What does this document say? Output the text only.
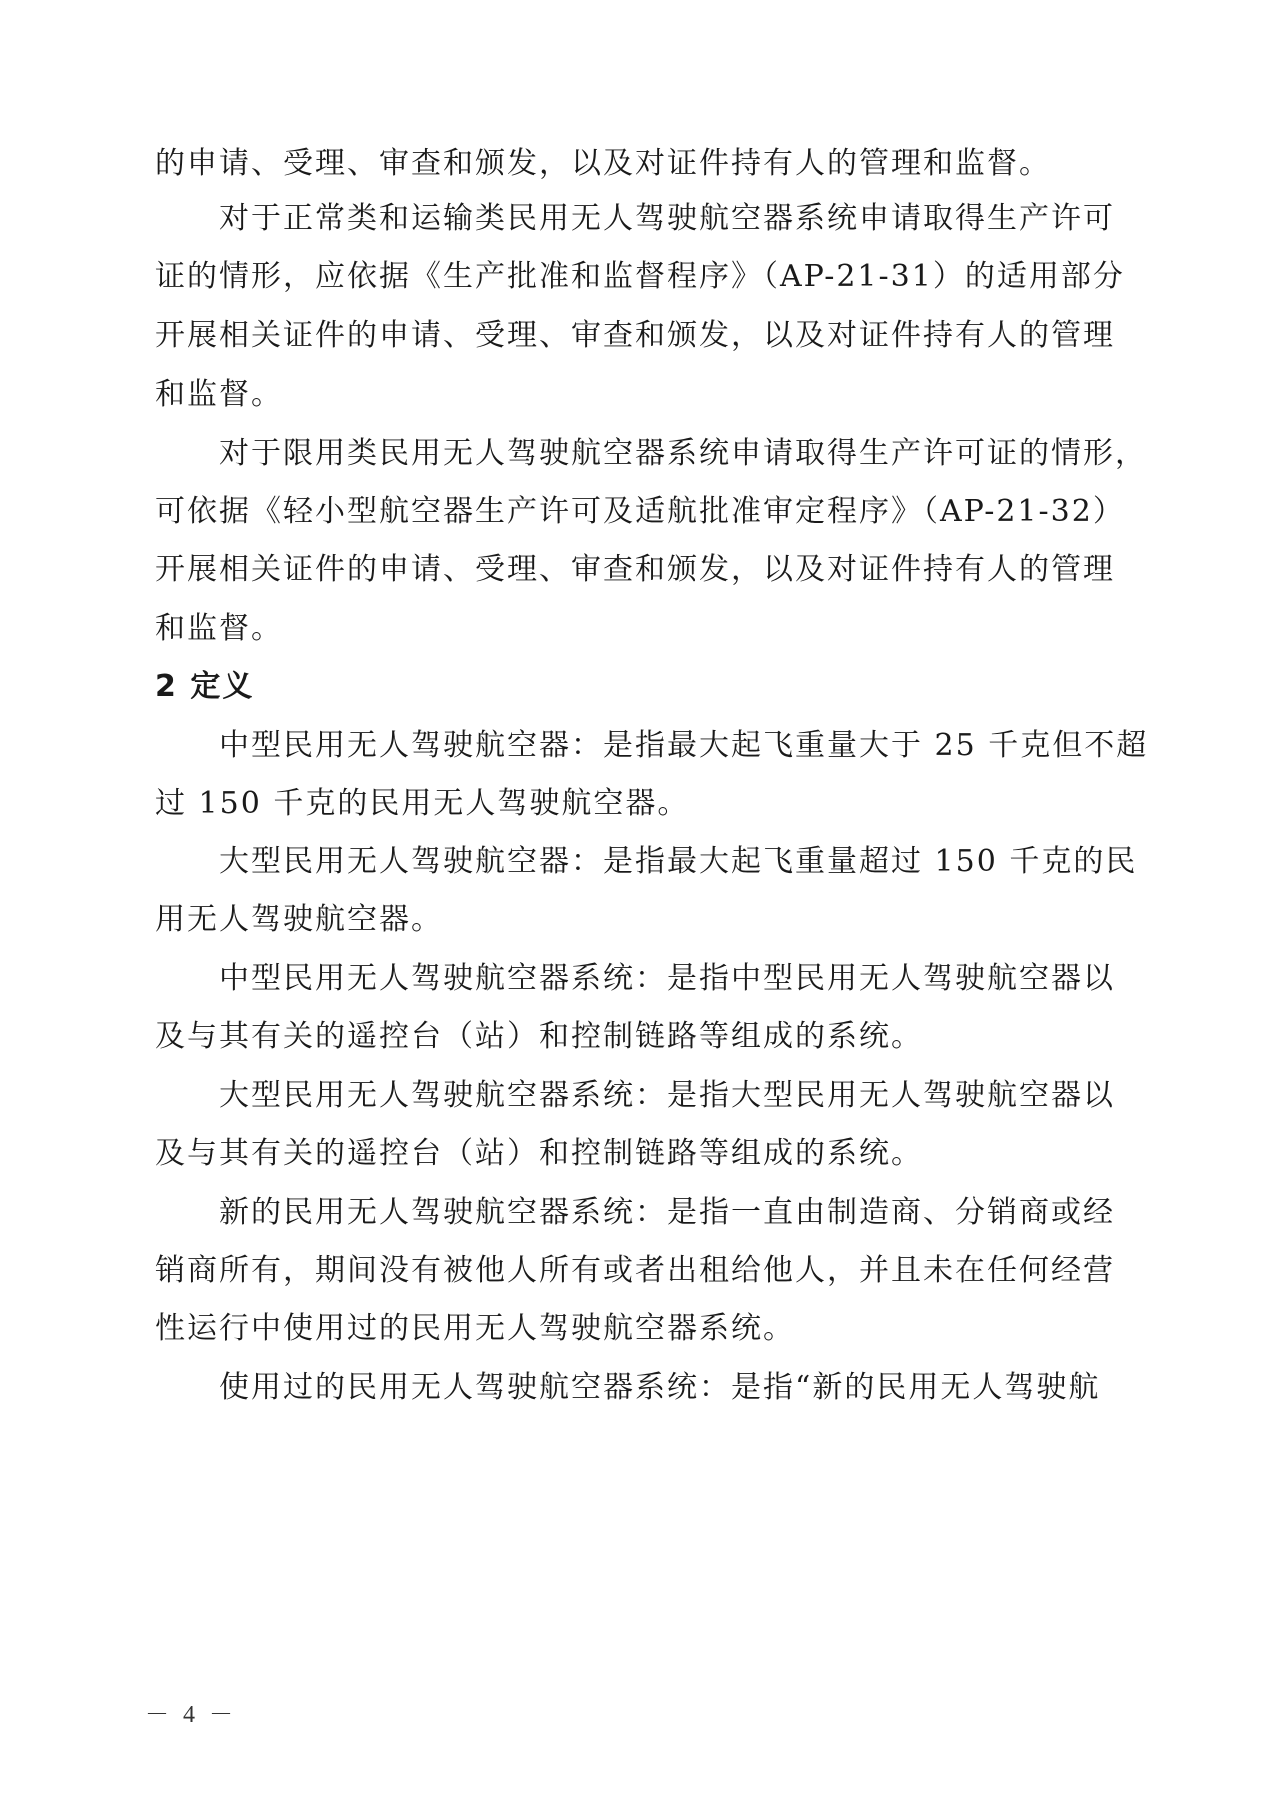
的申请、受理、审查和颁发，以及对证件持有人的管理和监督。
　　对于正常类和运输类民用无人驾驶航空器系统申请取得生产许可
证的情形，应依据《生产批准和监督程序》（AP-21-31）的适用部分
开展相关证件的申请、受理、审查和颁发，以及对证件持有人的管理
和监督。
　　对于限用类民用无人驾驶航空器系统申请取得生产许可证的情形，
可依据《轻小型航空器生产许可及适航批准审定程序》（AP-21-32）
开展相关证件的申请、受理、审查和颁发，以及对证件持有人的管理
和监督。
2 定义
　　中型民用无人驾驶航空器：是指最大起飞重量大于 25 千克但不超
过 150 千克的民用无人驾驶航空器。
　　大型民用无人驾驶航空器：是指最大起飞重量超过 150 千克的民
用无人驾驶航空器。
　　中型民用无人驾驶航空器系统：是指中型民用无人驾驶航空器以
及与其有关的遥控台（站）和控制链路等组成的系统。
　　大型民用无人驾驶航空器系统：是指大型民用无人驾驶航空器以
及与其有关的遥控台（站）和控制链路等组成的系统。
　　新的民用无人驾驶航空器系统：是指一直由制造商、分销商或经
销商所有，期间没有被他人所有或者出租给他人，并且未在任何经营
性运行中使用过的民用无人驾驶航空器系统。
　　使用过的民用无人驾驶航空器系统：是指“新的民用无人驾驶航
－ 4 －
